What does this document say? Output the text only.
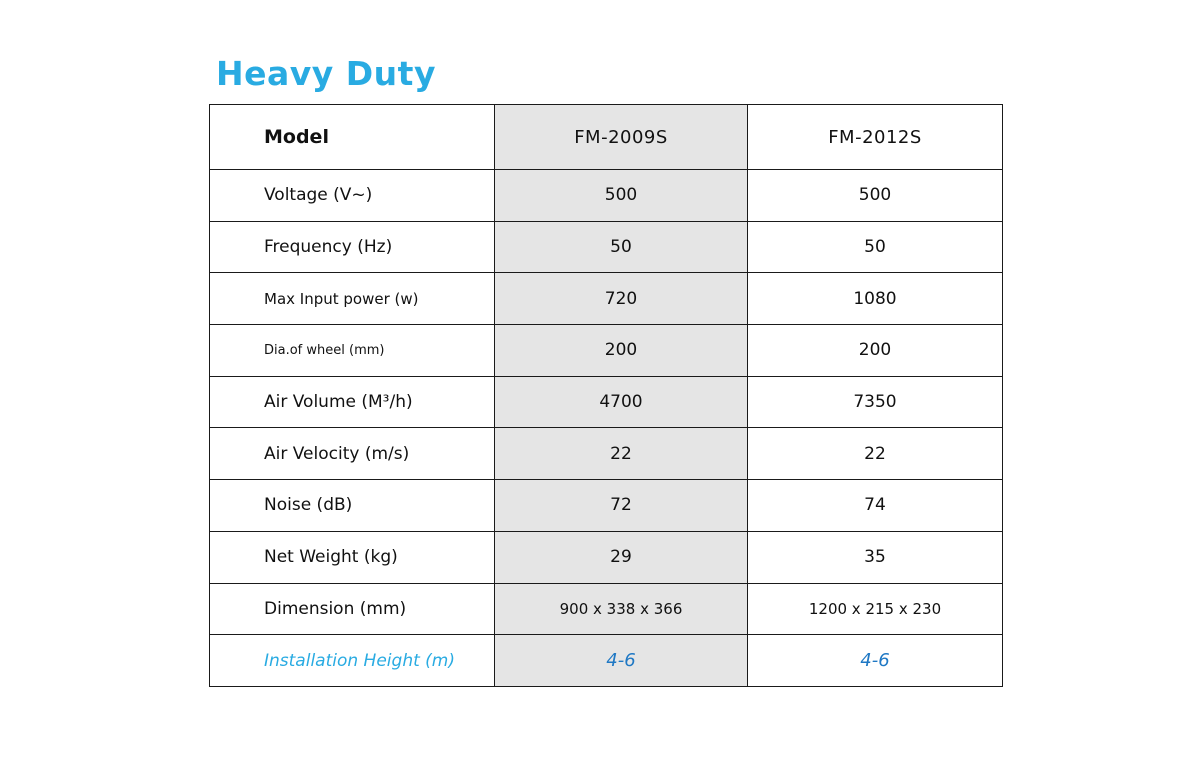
Heavy Duty
Model	FM-2009S	FM-2012S
Voltage (V~)	500	500
Frequency (Hz)	50	50
Max Input power (w)	720	1080
Dia.of wheel (mm)	200	200
Air Volume (M³/h)	4700	7350
Air Velocity (m/s)	22	22
Noise (dB)	72	74
Net Weight (kg)	29	35
Dimension (mm)	900 x 338 x 366	1200 x 215 x 230
Installation Height (m)	4-6	4-6
